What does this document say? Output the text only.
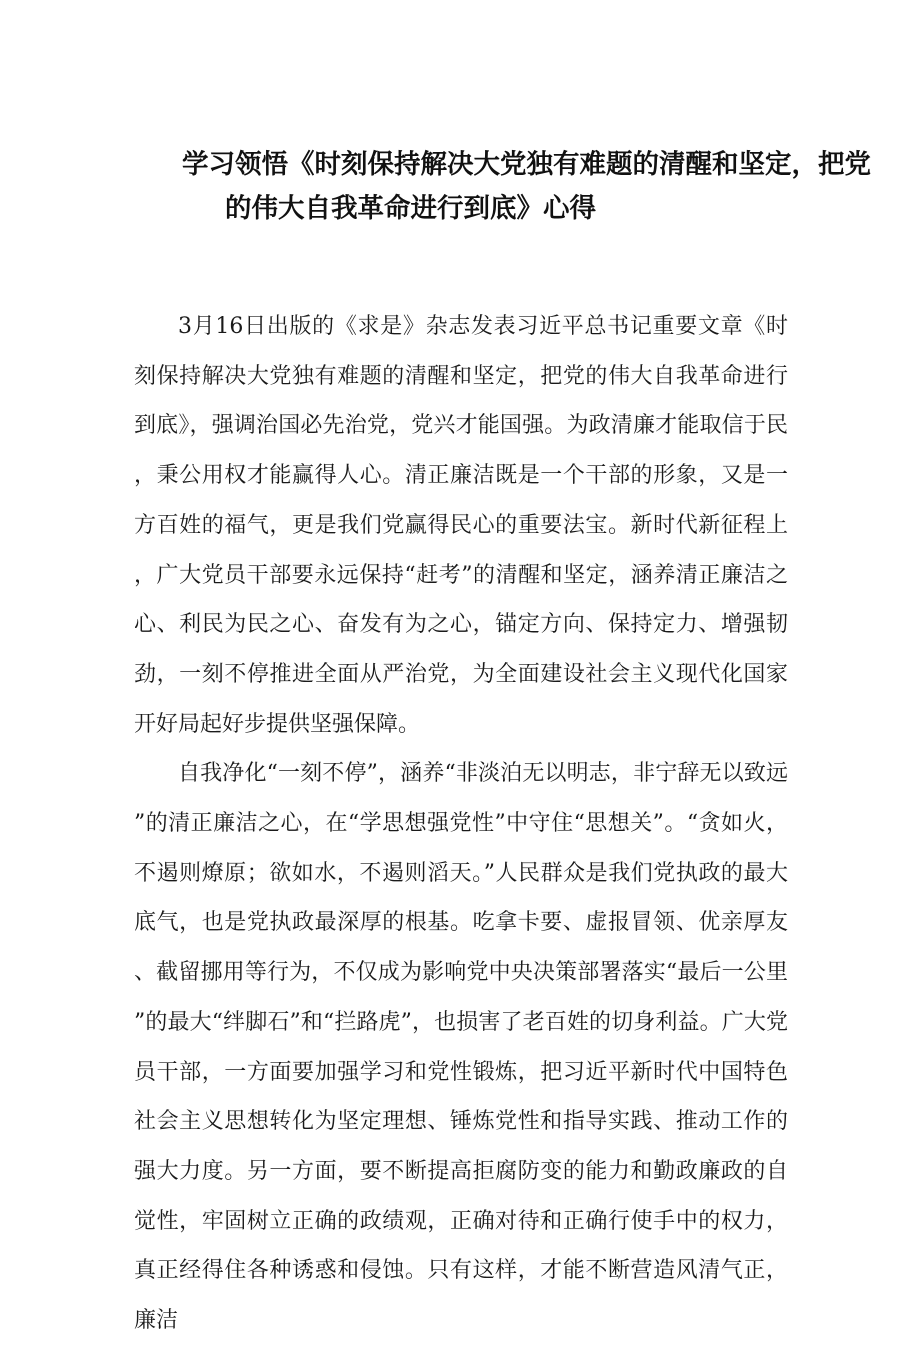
学习领悟《时刻保持解决大党独有难题的清醒和坚定，把党
的伟大自我革命进行到底》心得

3月16日出版的《求是》杂志发表习近平总书记重要文章《时刻保持解决大党独有难题的清醒和坚定，把党的伟大自我革命进行到底》，强调治国必先治党，党兴才能国强。为政清廉才能取信于民，秉公用权才能赢得人心。清正廉洁既是一个干部的形象，又是一方百姓的福气，更是我们党赢得民心的重要法宝。新时代新征程上，广大党员干部要永远保持“赶考”的清醒和坚定，涵养清正廉洁之心、利民为民之心、奋发有为之心，锚定方向、保持定力、增强韧劲，一刻不停推进全面从严治党，为全面建设社会主义现代化国家开好局起好步提供坚强保障。

自我净化“一刻不停”，涵养“非淡泊无以明志，非宁辞无以致远”的清正廉洁之心，在“学思想强党性”中守住“思想关”。“贪如火，不遏则燎原；欲如水，不遏则滔天。”人民群众是我们党执政的最大底气，也是党执政最深厚的根基。吃拿卡要、虚报冒领、优亲厚友、截留挪用等行为，不仅成为影响党中央决策部署落实“最后一公里”的最大“绊脚石”和“拦路虎”，也损害了老百姓的切身利益。广大党员干部，一方面要加强学习和党性锻炼，把习近平新时代中国特色社会主义思想转化为坚定理想、锤炼党性和指导实践、推动工作的强大力度。另一方面，要不断提高拒腐防变的能力和勤政廉政的自觉性，牢固树立正确的政绩观，正确对待和正确行使手中的权力，真正经得住各种诱惑和侵蚀。只有这样，才能不断营造风清气正，廉洁
